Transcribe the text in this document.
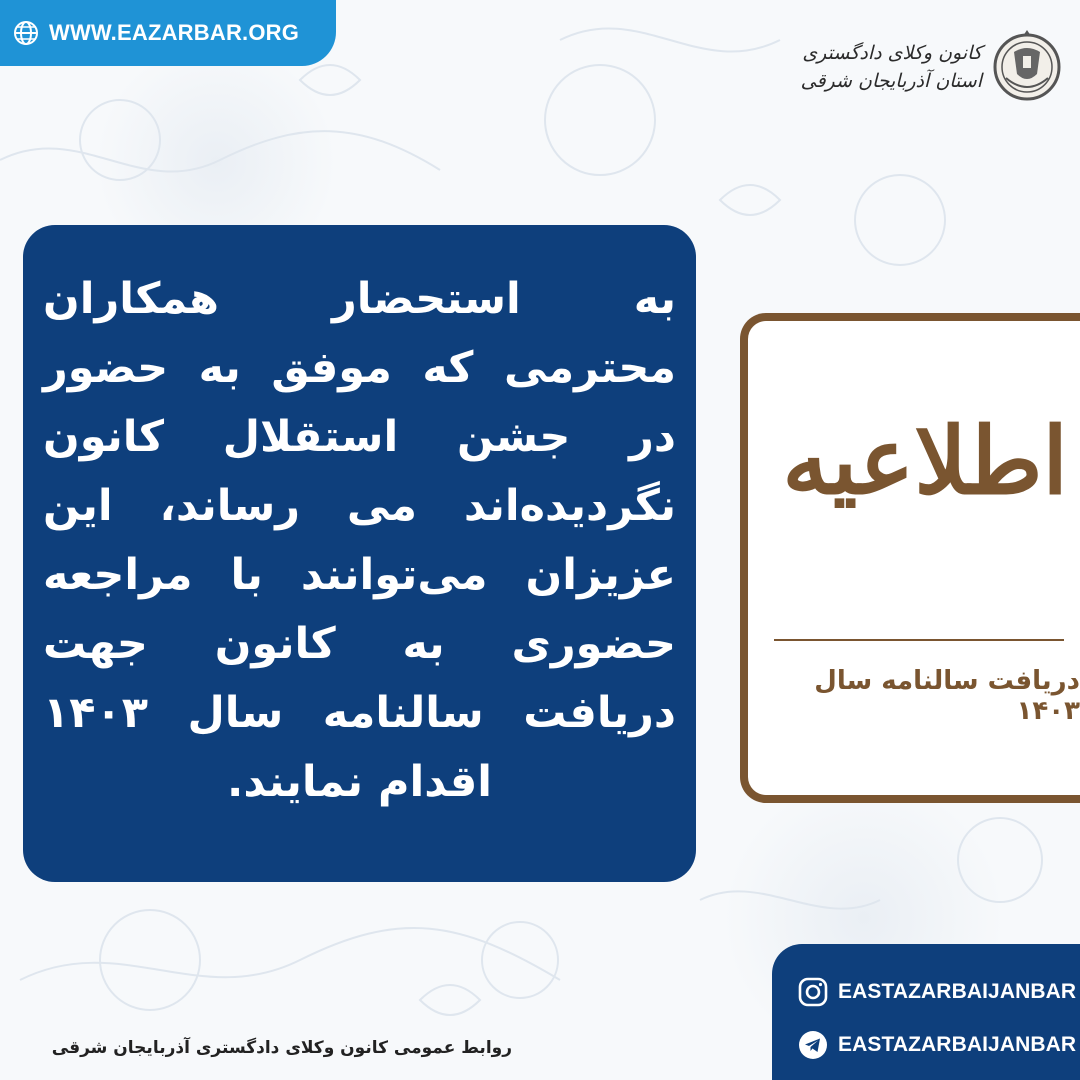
WWW.EAZARBAR.ORG
کانون وکلای دادگستری
استان آذربایجان شرقی
به استحضار همکاران
محترمی که موفق به حضور
در جشن استقلال کانون
نگردیده‌اند می رساند، این
عزیزان می‌توانند با مراجعه
حضوری به کانون جهت
دریافت سالنامه سال ۱۴۰۳
اقدام نمایند.
اطلاعیه
دریافت سالنامه سال ۱۴۰۳
EASTAZARBAIJANBAR
EASTAZARBAIJANBAR
روابط عمومی کانون وکلای دادگستری آذربایجان شرقی
